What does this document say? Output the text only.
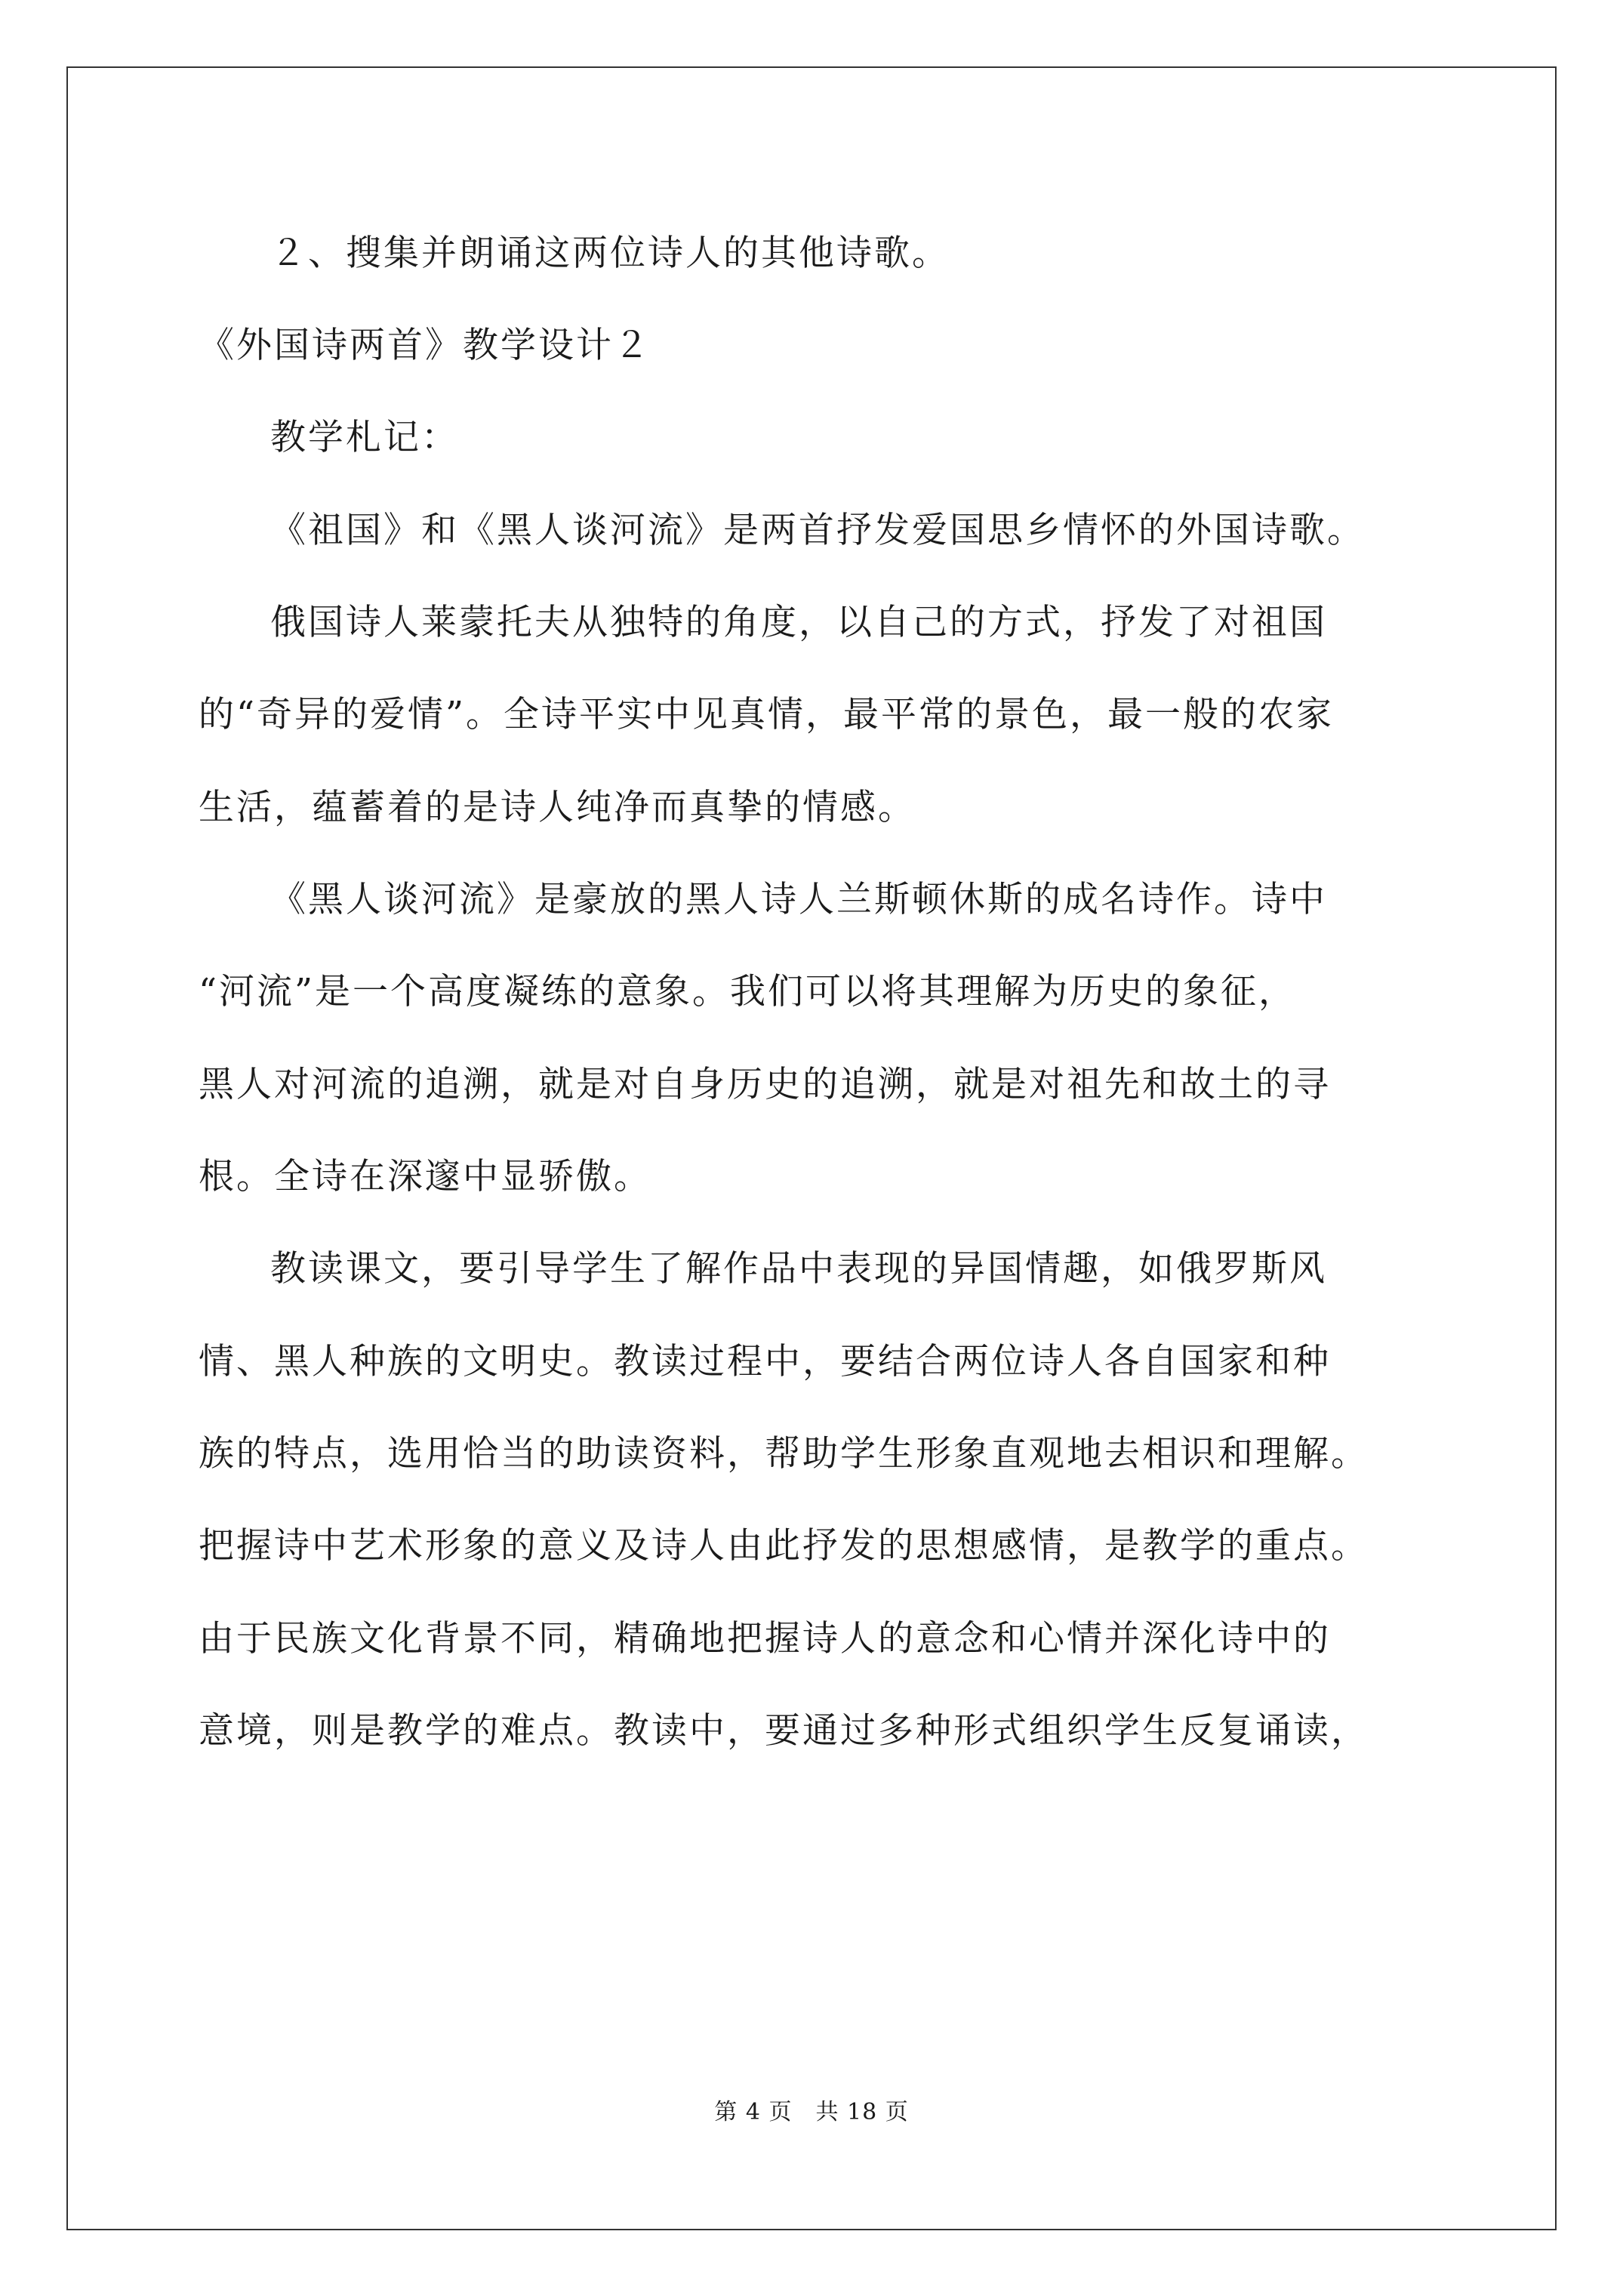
２、搜集并朗诵这两位诗人的其他诗歌。
《外国诗两首》教学设计２
教学札记：
《祖国》和《黑人谈河流》是两首抒发爱国思乡情怀的外国诗歌。
俄国诗人莱蒙托夫从独特的角度，以自己的方式，抒发了对祖国
的“奇异的爱情”。全诗平实中见真情，最平常的景色，最一般的农家
生活，蕴蓄着的是诗人纯净而真挚的情感。
《黑人谈河流》是豪放的黑人诗人兰斯顿休斯的成名诗作。诗中
“河流”是一个高度凝练的意象。我们可以将其理解为历史的象征，
黑人对河流的追溯，就是对自身历史的追溯，就是对祖先和故土的寻
根。全诗在深邃中显骄傲。
教读课文，要引导学生了解作品中表现的异国情趣，如俄罗斯风
情、黑人种族的文明史。教读过程中，要结合两位诗人各自国家和种
族的特点，选用恰当的助读资料，帮助学生形象直观地去相识和理解。
把握诗中艺术形象的意义及诗人由此抒发的思想感情，是教学的重点。
由于民族文化背景不同，精确地把握诗人的意念和心情并深化诗中的
意境，则是教学的难点。教读中，要通过多种形式组织学生反复诵读，
第 4 页　共 18 页
